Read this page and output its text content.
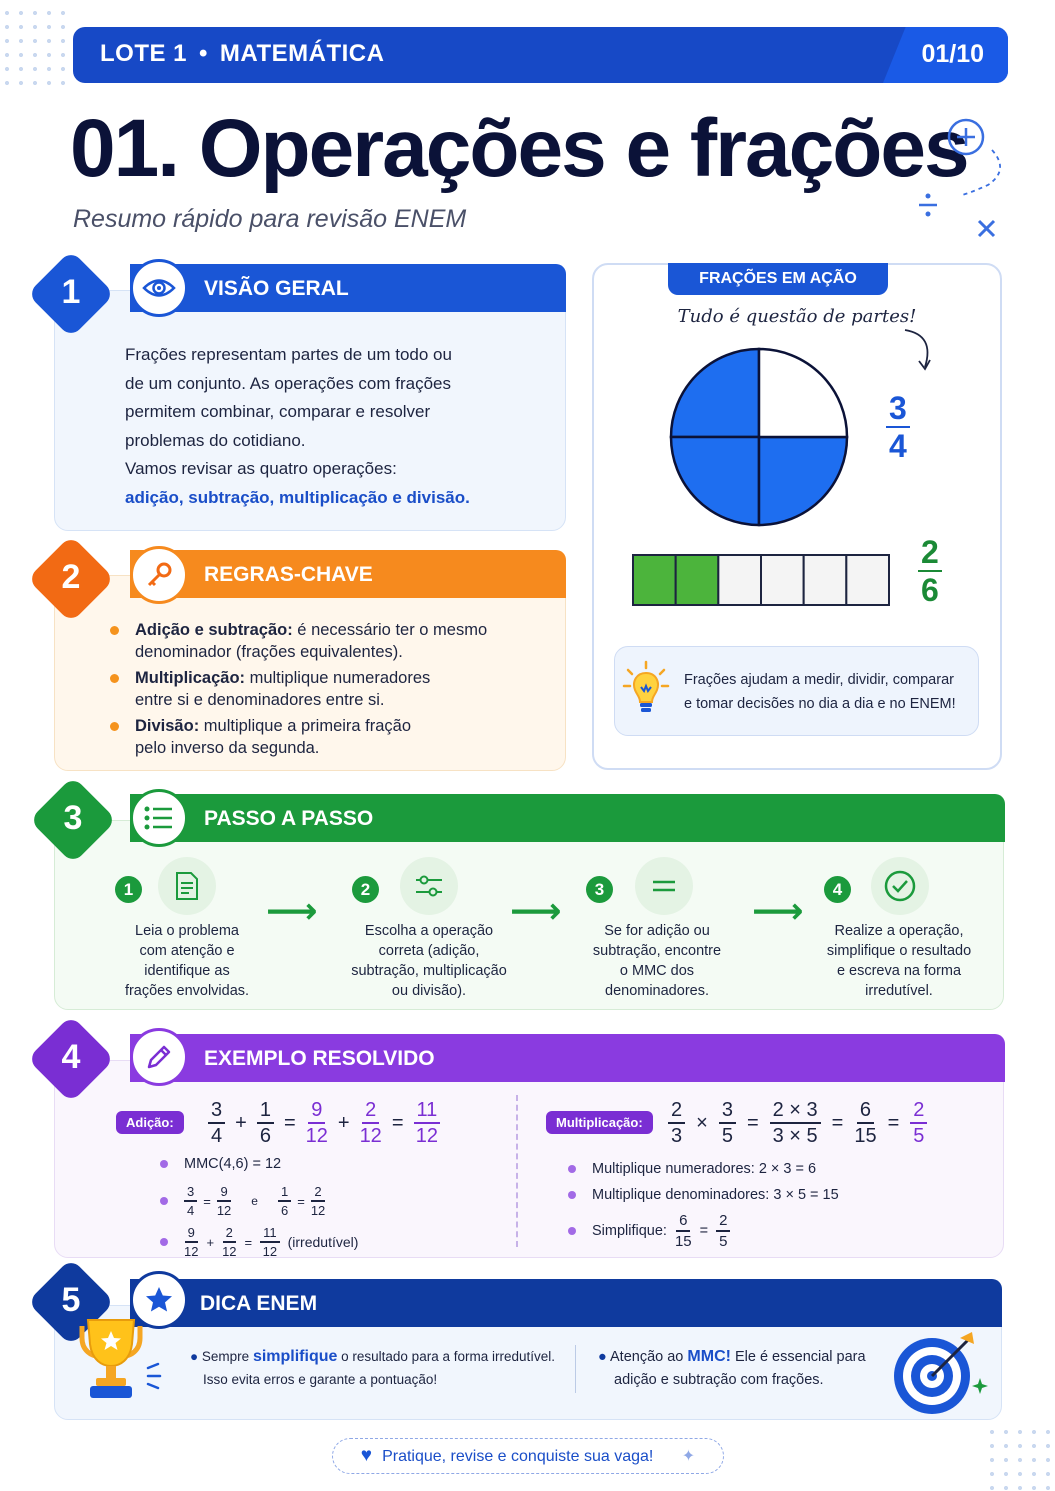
LOTE 1 • MATEMÁTICA	01/10
01. Operações e frações
Resumo rápido para revisão ENEM
VISÃO GERAL
1
Frações representam partes de um todo ou
de um conjunto. As operações com frações
permitem combinar, comparar e resolver
problemas do cotidiano.
Vamos revisar as quatro operações:
adição, subtração, multiplicação e divisão.
REGRAS-CHAVE
2
Adição e subtração: é necessário ter o mesmo
denominador (frações equivalentes).
Multiplicação: multiplique numeradores
entre si e denominadores entre si.
Divisão: multiplique a primeira fração
pelo inverso da segunda.
FRAÇÕES EM AÇÃO
Tudo é questão de partes!
$\frac{3}{4}$
$\frac{2}{6}$
Frações ajudam a medir, dividir, comparar
e tomar decisões no dia a dia e no ENEM!
PASSO A PASSO
3
1
Leia o problema
com atenção e
identifique as
frações envolvidas.
⟶
2
Escolha a operação
correta (adição,
subtração, multiplicação
ou divisão).
⟶
3
Se for adição ou
subtração, encontre
o MMC dos
denominadores.
⟶
4
Realize a operação,
simplifique o resultado
e escreva na forma
irredutível.
EXEMPLO RESOLVIDO
4
Adição:	$\frac{3}{4} + \frac{1}{6} = \frac{9}{12} + \frac{2}{12} = \frac{11}{12}$
MMC(4,6) = 12
$\frac{3}{4} = \frac{9}{12}$ e $\frac{1}{6} = \frac{2}{12}$
$\frac{9}{12} + \frac{2}{12} = \frac{11}{12}$ (irredutível)
Multiplicação:	$\frac{2}{3} \times \frac{3}{5} = \frac{2 \times 3}{3 \times 5} = \frac{6}{15} = \frac{2}{5}$
Multiplique numeradores: 2 × 3 = 6
Multiplique denominadores: 3 × 5 = 15
Simplifique: $\frac{6}{15} = \frac{2}{5}$
DICA ENEM
5
● Sempre simplifique o resultado para a forma irredutível.
Isso evita erros e garante a pontuação!
● Atenção ao MMC! Ele é essencial para
adição e subtração com frações.
♥ Pratique, revise e conquiste sua vaga! ✦
